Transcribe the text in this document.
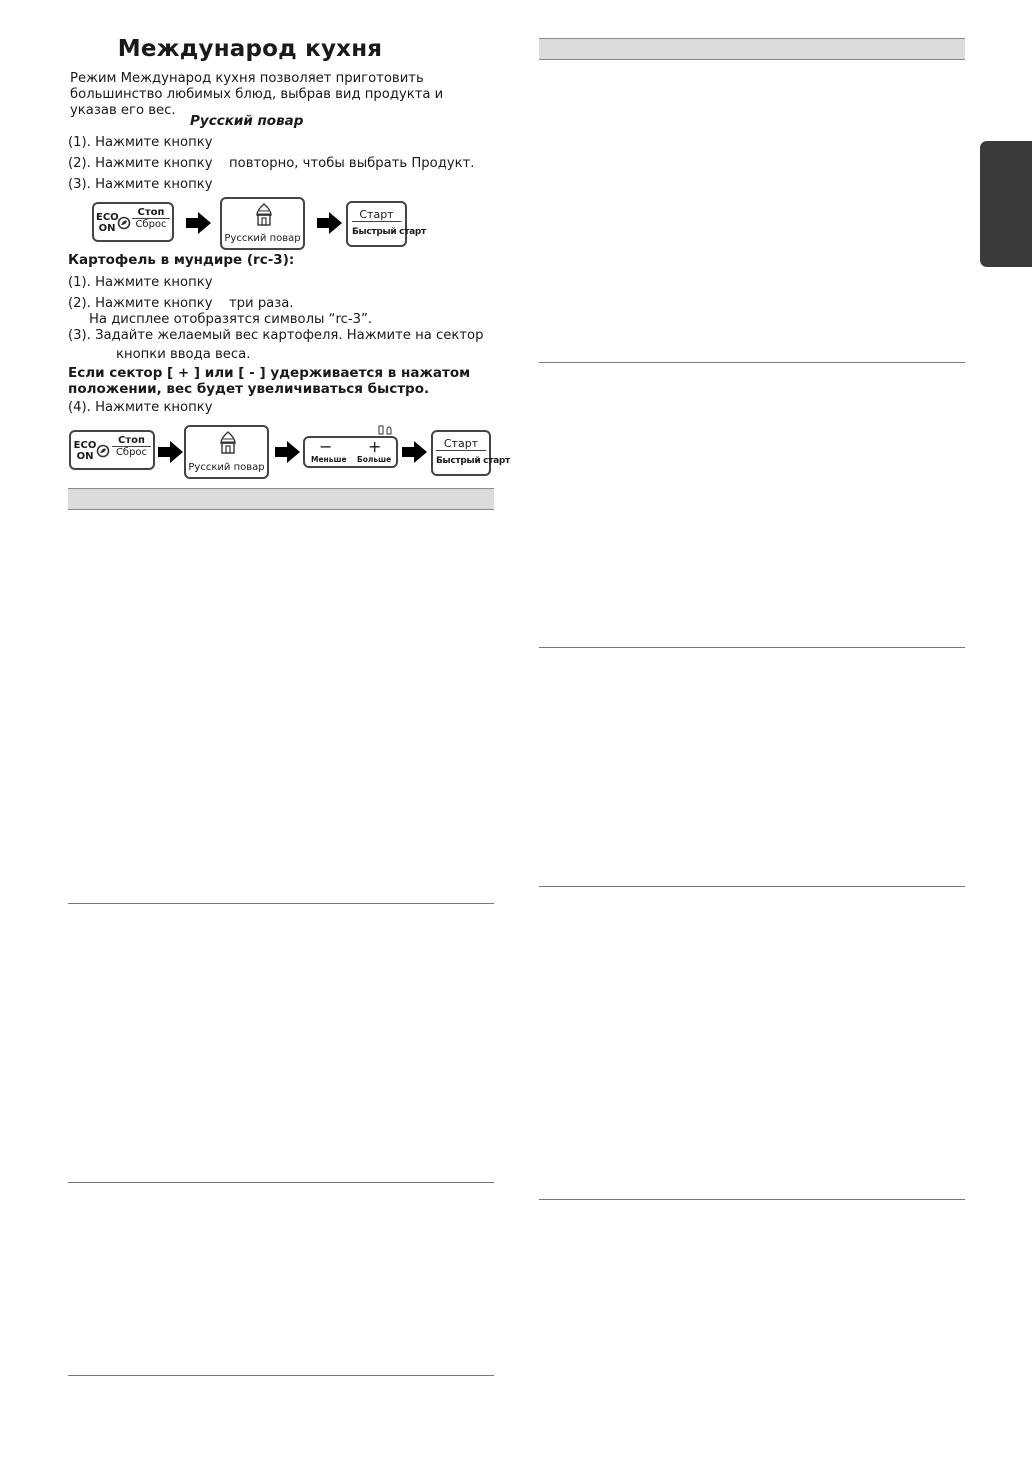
Международ кухня
Режим Международ кухня позволяет приготовить большинство любимых блюд, выбрав вид продукта и указав его вес.
Русский повар
(1). Нажмите кнопку
(2). Нажмите кнопку повторно, чтобы выбрать Продукт.
(3). Нажмите кнопку
ECO
ON
Стоп
Сброс
Русский повар
Старт
Быстрый старт
Картофель в мундире (rc-3):
(1). Нажмите кнопку
(2). Нажмите кнопку три раза.
На дисплее отобразятся символы “rc-3”.
(3). Задайте желаемый вес картофеля. Нажмите на сектор
кнопки ввода веса.
Если сектор [ + ] или [ - ] удерживается в нажатом положении, вес будет увеличиваться быстро.
(4). Нажмите кнопку
ECO
ON
Стоп
Сброс
Русский повар
− +
Меньше Больше
Старт
Быстрый старт
